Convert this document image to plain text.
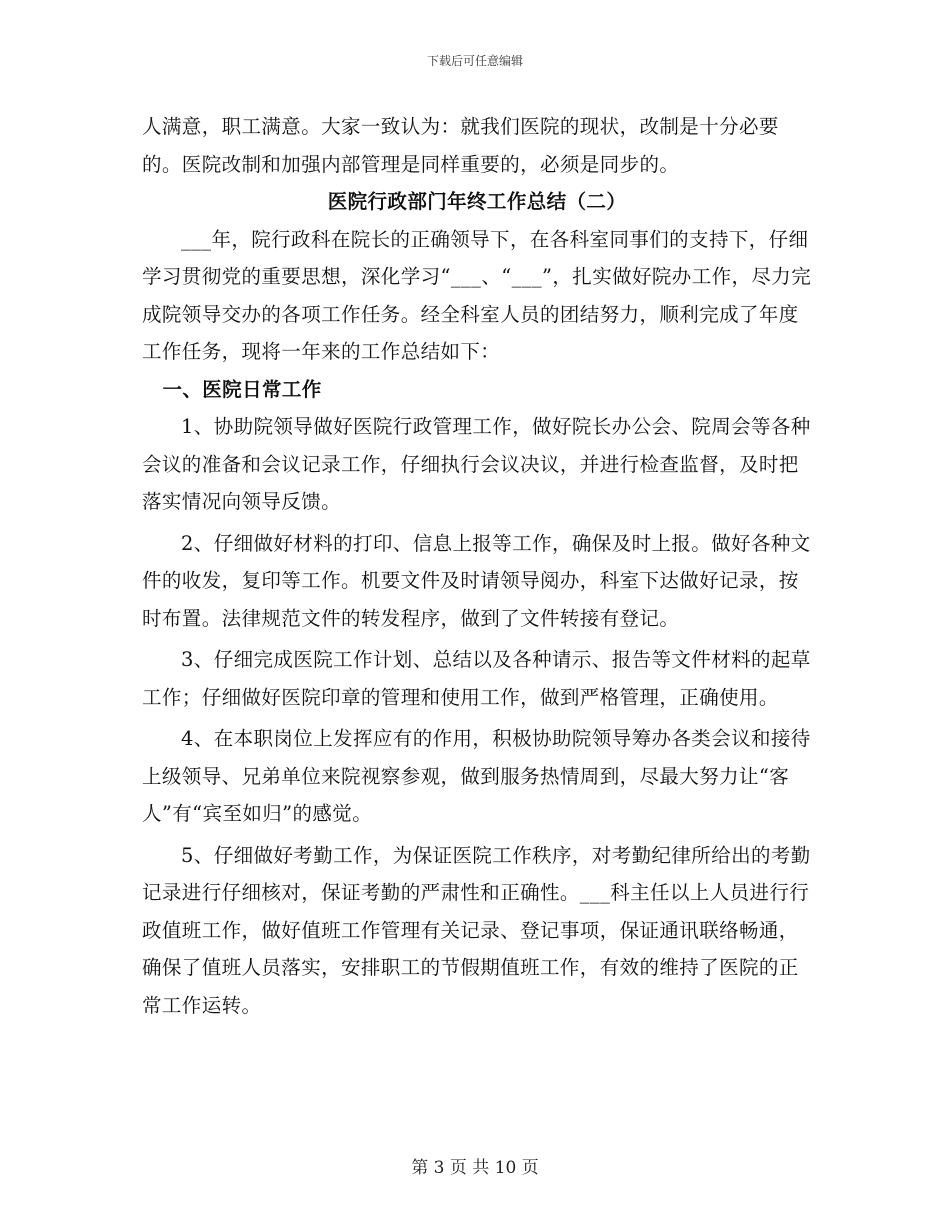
下载后可任意编辑

人满意，职工满意。大家一致认为：就我们医院的现状，改制是十分必要的。医院改制和加强内部管理是同样重要的，必须是同步的。

医院行政部门年终工作总结（二）

___年，院行政科在院长的正确领导下，在各科室同事们的支持下，仔细学习贯彻党的重要思想，深化学习“___、“___”，扎实做好院办工作，尽力完成院领导交办的各项工作任务。经全科室人员的团结努力，顺利完成了年度工作任务，现将一年来的工作总结如下：

一、医院日常工作

1、协助院领导做好医院行政管理工作，做好院长办公会、院周会等各种会议的准备和会议记录工作，仔细执行会议决议，并进行检查监督，及时把落实情况向领导反馈。

2、仔细做好材料的打印、信息上报等工作，确保及时上报。做好各种文件的收发，复印等工作。机要文件及时请领导阅办，科室下达做好记录，按时布置。法律规范文件的转发程序，做到了文件转接有登记。

3、仔细完成医院工作计划、总结以及各种请示、报告等文件材料的起草工作；仔细做好医院印章的管理和使用工作，做到严格管理，正确使用。

4、在本职岗位上发挥应有的作用，积极协助院领导筹办各类会议和接待上级领导、兄弟单位来院视察参观，做到服务热情周到，尽最大努力让“客人”有“宾至如归”的感觉。

5、仔细做好考勤工作，为保证医院工作秩序，对考勤纪律所给出的考勤记录进行仔细核对，保证考勤的严肃性和正确性。___科主任以上人员进行行政值班工作，做好值班工作管理有关记录、登记事项，保证通讯联络畅通，确保了值班人员落实，安排职工的节假期值班工作，有效的维持了医院的正常工作运转。

第 3 页 共 10 页
